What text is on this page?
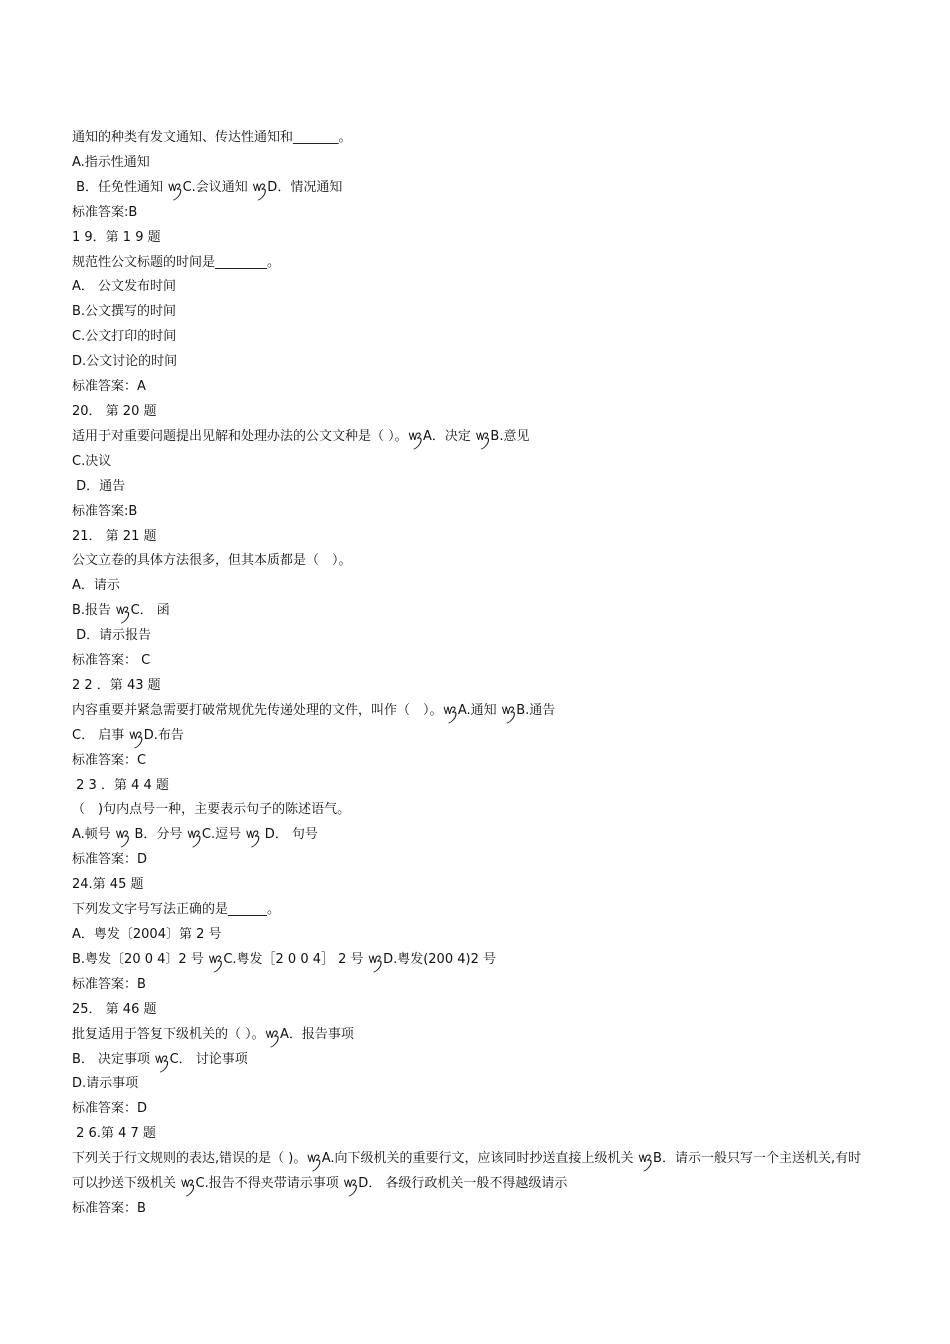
通知的种类有发文通知、传达性通知和_______。

A.指示性通知

B．任免性通知 ꪃC.会议通知 ꪃD．情况通知

标准答案:B

1 9．第 1 9 题

规范性公文标题的时间是________。

A． 公文发布时间

B.公文撰写的时间

C.公文打印的时间

D.公文讨论的时间

标准答案：A

20． 第 20 题

适用于对重要问题提出见解和处理办法的公文文种是（ ）。ꪃA．决定 ꪃB.意见

C.决议

D．通告

标准答案:B

21． 第 21 题

公文立卷的具体方法很多，但其本质都是（　）。

A．请示

B.报告 ꪃC． 函

D．请示报告

标准答案： C

2 2 ．第 43 题

内容重要并紧急需要打破常规优先传递处理的文件，叫作（　）。ꪃA.通知 ꪃB.通告

C． 启事 ꪃD.布告

标准答案：C

2 3 ．第 4 4 题

（　)句内点号一种，主要表示句子的陈述语气。

A.顿号 ꪃ B．分号 ꪃC.逗号 ꪃ D． 句号

标准答案：D

24.第 45 题

下列发文字号写法正确的是______。

A．粤发〔2004〕第 2 号

B.粤发〔20 0 4〕2 号 ꪃC.粤发［2 0 0 4］ 2 号 ꪃD.粤发(200 4)2 号

标准答案：B

25． 第 46 题

批复适用于答复下级机关的（ ）。ꪃA．报告事项

B． 决定事项 ꪃC． 讨论事项

D.请示事项

标准答案：D

2 6.第 4 7 题

下列关于行文规则的表达,错误的是（ )。ꪃA.向下级机关的重要行文，应该同时抄送直接上级机关 ꪃB．请示一般只写一个主送机关,有时可以抄送下级机关 ꪃC.报告不得夹带请示事项 ꪃD． 各级行政机关一般不得越级请示

标准答案：B
